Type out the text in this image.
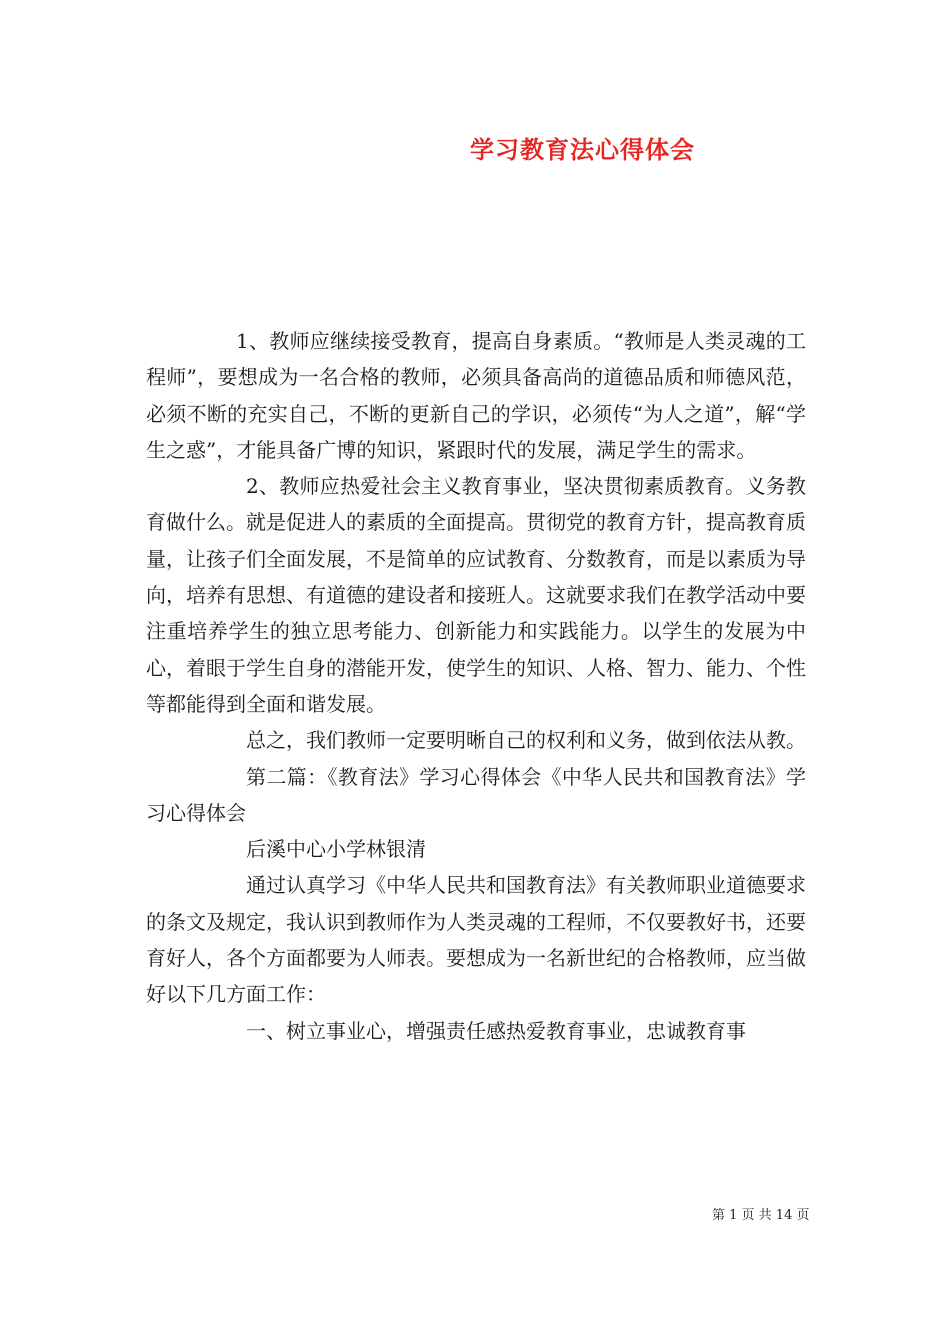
学习教育法心得体会

1、教师应继续接受教育，提高自身素质。“教师是人类灵魂的工程师”，要想成为一名合格的教师，必须具备高尚的道德品质和师德风范，必须不断的充实自己，不断的更新自己的学识，必须传“为人之道”，解“学生之惑”，才能具备广博的知识，紧跟时代的发展，满足学生的需求。

2、教师应热爱社会主义教育事业，坚决贯彻素质教育。义务教育做什么。就是促进人的素质的全面提高。贯彻党的教育方针，提高教育质量，让孩子们全面发展，不是简单的应试教育、分数教育，而是以素质为导向，培养有思想、有道德的建设者和接班人。这就要求我们在教学活动中要注重培养学生的独立思考能力、创新能力和实践能力。以学生的发展为中心，着眼于学生自身的潜能开发，使学生的知识、人格、智力、能力、个性等都能得到全面和谐发展。

总之，我们教师一定要明晰自己的权利和义务，做到依法从教。

第二篇：《教育法》学习心得体会《中华人民共和国教育法》学习心得体会

后溪中心小学林银清

通过认真学习《中华人民共和国教育法》有关教师职业道德要求的条文及规定，我认识到教师作为人类灵魂的工程师，不仅要教好书，还要育好人，各个方面都要为人师表。要想成为一名新世纪的合格教师，应当做好以下几方面工作：

一、树立事业心，增强责任感热爱教育事业，忠诚教育事

第 1 页 共 14 页
